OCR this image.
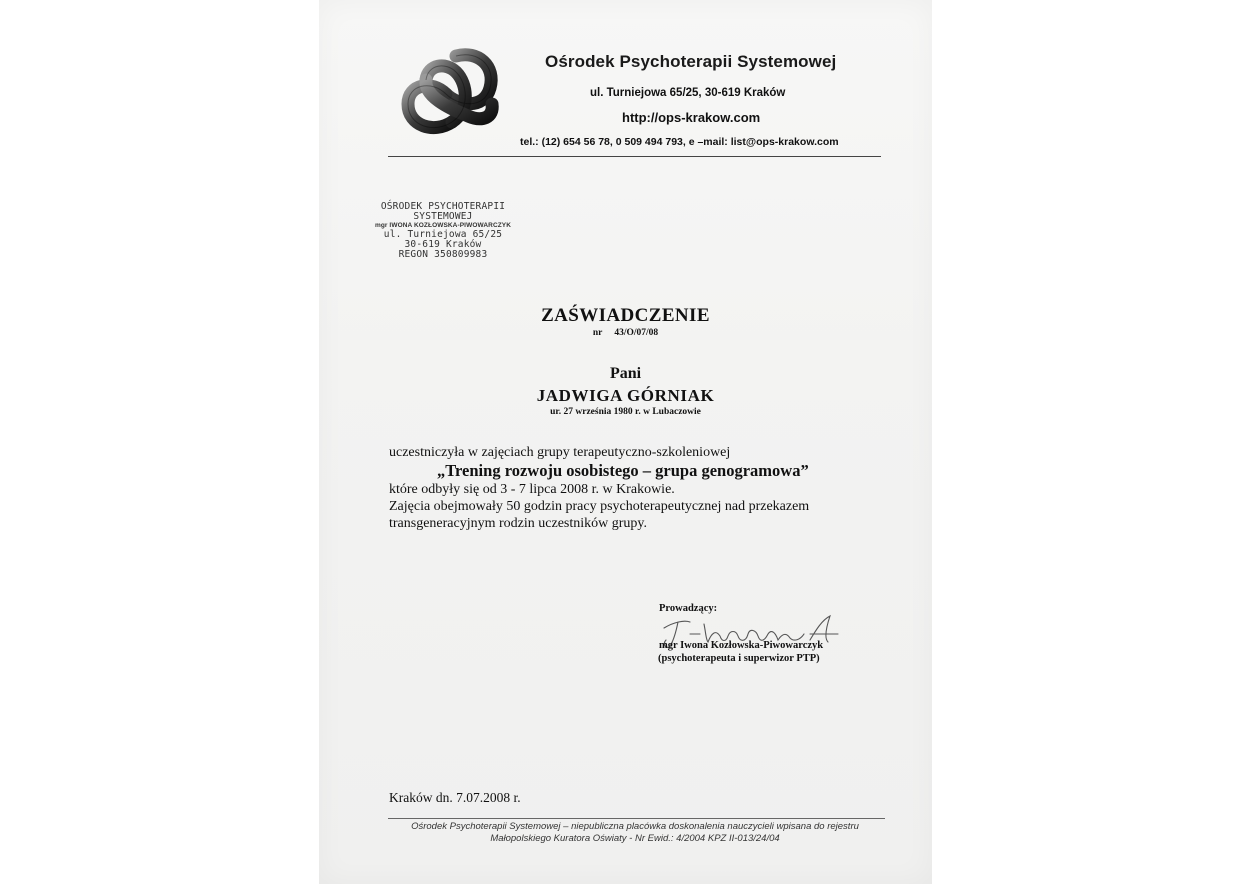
Ośrodek Psychoterapii Systemowej
ul. Turniejowa 65/25, 30-619 Kraków
http://ops-krakow.com
tel.: (12) 654 56 78, 0 509 494 793, e –mail: list@ops-krakow.com
OŚRODEK PSYCHOTERAPII
SYSTEMOWEJ
mgr IWONA KOZŁOWSKA-PIWOWARCZYK
ul. Turniejowa 65/25
30-619 Kraków
REGON 350809983
ZAŚWIADCZENIE
nr 43/O/07/08
Pani
JADWIGA GÓRNIAK
ur. 27 września 1980 r. w Lubaczowie
uczestniczyła w zajęciach grupy terapeutyczno-szkoleniowej
„Trening rozwoju osobistego – grupa genogramowa”
które odbyły się od 3 - 7 lipca 2008 r. w Krakowie.
Zajęcia obejmowały 50 godzin pracy psychoterapeutycznej nad przekazem
transgeneracyjnym rodzin uczestników grupy.
Prowadzący:
mgr Iwona Kozłowska-Piwowarczyk
(psychoterapeuta i superwizor PTP)
Kraków dn. 7.07.2008 r.
Ośrodek Psychoterapii Systemowej – niepubliczna placówka doskonalenia nauczycieli wpisana do rejestru
Małopolskiego Kuratora Oświaty - Nr Ewid.: 4/2004 KPZ II-013/24/04
